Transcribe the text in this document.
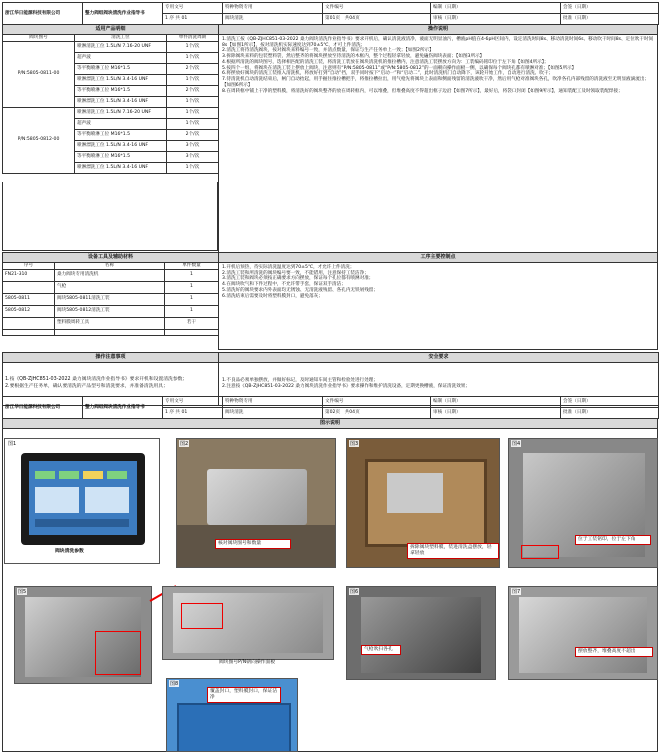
浙江华日能源科技有限公司	整力阀组阀块清洗作业指导书	专用文号	特种物资专用	文件编号	编制（日期）	会签（日期）
		1 序 共 01	阀块清洗	第01页　共04页	审核（日期）	批准（日期）
适用产品明细		
阀块图号	清洗工位	单件清洗周期
P/N:5805-0811-00	喷淋清洗工位 1.5L/N 7.16-20 UNF	1个/次
	超声波	1个/次
	等平衡喷淋工位 M16*1.5	2个/次
	喷淋漂洗工位 1.5L/N 3.4-16 UNF	1个/次
	等平衡喷淋工位 M16*1.5	2个/次
	喷淋漂洗工位 1.5L/N 3.4-16 UNF	1个/次
P/N:5805-0812-00	喷淋清洗工位 1.5L/N 7.16-20 UNF	1个/次
	超声波	1个/次
	等平衡喷淋工位 M16*1.5	2个/次
	喷淋漂洗工位 1.5L/N 3.4-16 UNF	3个/次
	等平衡喷淋工位 M16*1.5	3个/次
	喷淋漂洗工位 1.5L/N 3.4-16 UNF	1个/次
操作说明

1.清洗工按《QB-ZJHC851-03-2022 桑力阀块清洗作业指导书》要求开机后，确认清洗液清净，液面无明显油污，槽液pH值在4-6pH区间内，设定清洗时间8s、移动清洗时间6s、移动吹干时间8s、定位吹干时间8s【如图1所示】，按对清洗机实际速度达到70±5℃，才可上件清洗；
2.清洗工将待清洗阀块，按对阀块来料编号一致，并清点数量，保证与生产任务单上一致；【如图2所示】
3.拆除阀块来料的包装塑料袋，然后整齐的将阀块摆放至待清洗的木框内，整个过程轻拿轻放，避免磕伤阀块表面；【如图3所示】
4.根据所清洗的阀块图号，选择相匹配的清洗工装，将清洗工装放在阀块清洗机的推拉槽内，注意清洗工装摆放方向为：工装编码铭印位于左下角【如图4所示】；
5.按四个一组，将阀块在清洗工装上摆放上阀块，注意则有“P/N:5805-0811”或“P/N:5805-0812”的一面朝向操作面板一侧，以确保每个阀块孔都有喷淋对准；【如图5所示】
6.将摆放好阀块的清洗工装推入清洗机，将放好打到“自动”挡，双手同时按下“启动一”和“启动二”，此时清洗机门自动降下，该轮开始工作，自动进行清洗、吹干；
7.待清洗机自动清洗结束后，闸门自动抬起，用手握住推拉槽把手，将推拉槽拉出，用气枪先将阀块上表面和侧面残留的清洗液吹干净，然后用气枪对准阀块各孔，吹净各孔内部残留的清洗液至无明显液滴流出；【如图6所示】
8.在周转框中铺上干净的塑料膜，将清洗好的阀块整齐的放在周转框内，可以堆叠，但堆叠高度不得超出框子边沿【如图7所示】，最好后，将袋口封闭【如图9所示】，通知装配工及时领取装配焊接；
设备工具及辅助材料		
序号	名称	单件数量
FN21-310	桑力阀块专用清洗机	1
	气枪	1
5805-0811	阀块5805-0811清洗工装	1
5805-0812	阀块5805-0812清洗工装	1
	塑料膜周转工具	若干

工序主要控制点

1.开机后预热，待实际清洗温度达到70±5℃，才允许上件清洗；
2.清洗工装和所清洗的阀块编号要一致，不能错用，注意保持工装洁净；
3.清洗工装和阀块必须按正确要求方向摆放，保证每个孔位都有喷淋对准；
4.在阀块吹气和下件过程中，不允许带手套，保证双手清洁；
5.清洗好的阀块要求内外表面均无锈蚀、无清洗液残留、各孔内无铁屑残留；
6.清洗结束后需要及时将塑料膜封口，避免落灰；
操作注意事项	安全要求
1.按《QB-ZJHC851-03-2022 桑力阀块清洗作业指导书》要求开机和设置清洗参数；
2.要根据生产任务单，确认要清洗的产品型号和清洗要求，并准备清洗用具；	1.不良品必须单独摆放，并做好标记，及时通知车间主管和检验处进行处理；
2.注意按《QB-ZJHC851-03-2022 桑力阀块清洗作业指导书》要求操作和维护清洗设备，定期更换槽液，保证清洗效果；
浙江华日能源科技有限公司	整力阀组阀块清洗作业指导书	专用文号	特种物资专用	文件编号	编制（日期）	会签（日期）
		1 序 共 01	阀块清洗	第02页　共04页	审核（日期）	批准（日期）
图示说明
图1
阀块清洗参数
图2
核对阀块图号和数量
图3
拆除阀块塑料膜，装进清洗盒摆放，轻拿轻放
图4
位于工装铭印，位于左下角
图5
阀块图号P/N朝向操作面板
图6
气枪吹扫各孔
图7
摆放整齐，堆叠高度不超出
图8
覆盖封口，塑料膜封口，保证洁净
